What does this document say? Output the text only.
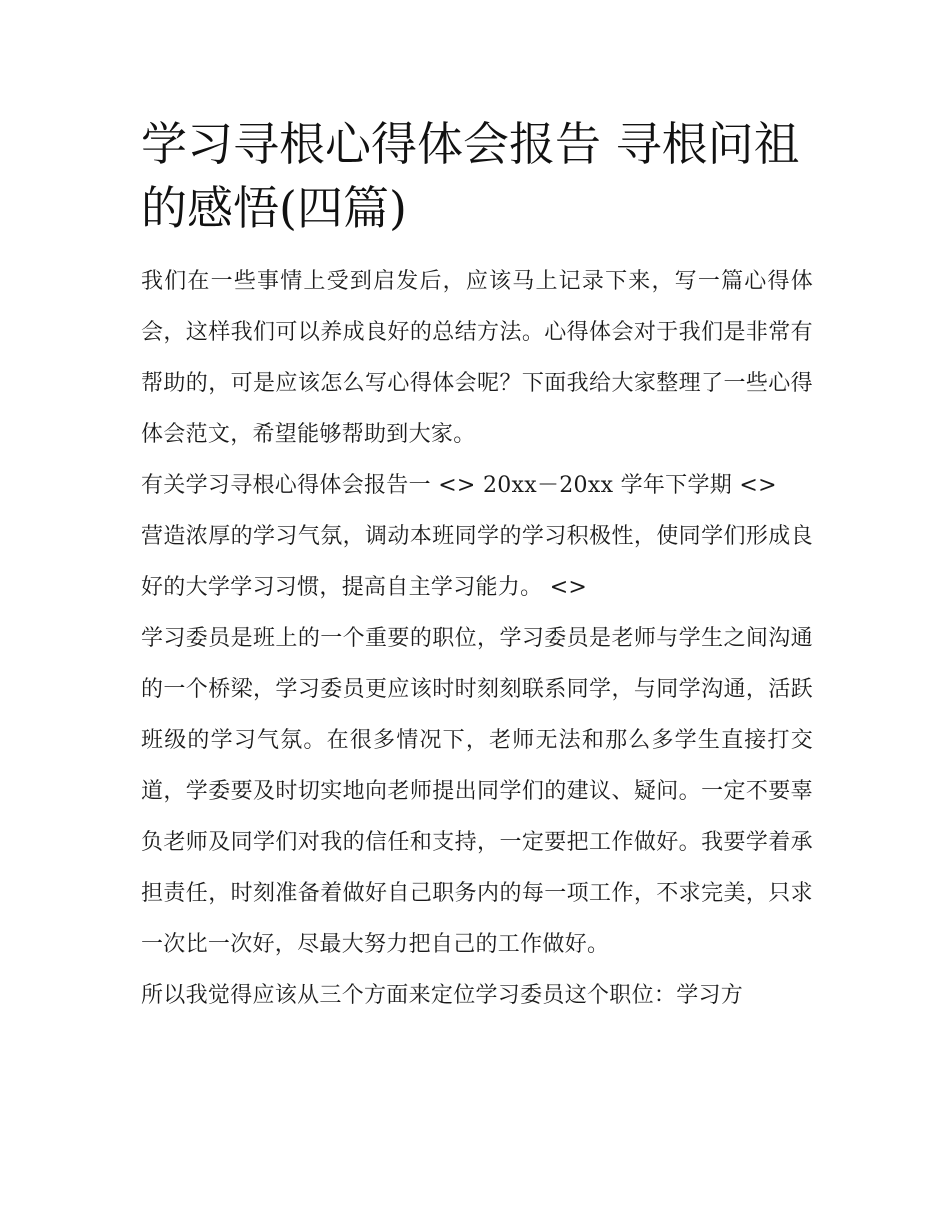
学习寻根心得体会报告 寻根问祖的感悟(四篇)

我们在一些事情上受到启发后，应该马上记录下来，写一篇心得体会，这样我们可以养成良好的总结方法。心得体会对于我们是非常有帮助的，可是应该怎么写心得体会呢？下面我给大家整理了一些心得体会范文，希望能够帮助到大家。

有关学习寻根心得体会报告一 <> 20xx－20xx 学年下学期 <>

营造浓厚的学习气氛，调动本班同学的学习积极性，使同学们形成良好的大学学习习惯，提高自主学习能力。 <>

学习委员是班上的一个重要的职位，学习委员是老师与学生之间沟通的一个桥梁，学习委员更应该时时刻刻联系同学，与同学沟通，活跃班级的学习气氛。在很多情况下，老师无法和那么多学生直接打交道，学委要及时切实地向老师提出同学们的建议、疑问。一定不要辜负老师及同学们对我的信任和支持，一定要把工作做好。我要学着承担责任，时刻准备着做好自己职务内的每一项工作，不求完美，只求一次比一次好，尽最大努力把自己的工作做好。

所以我觉得应该从三个方面来定位学习委员这个职位：学习方
